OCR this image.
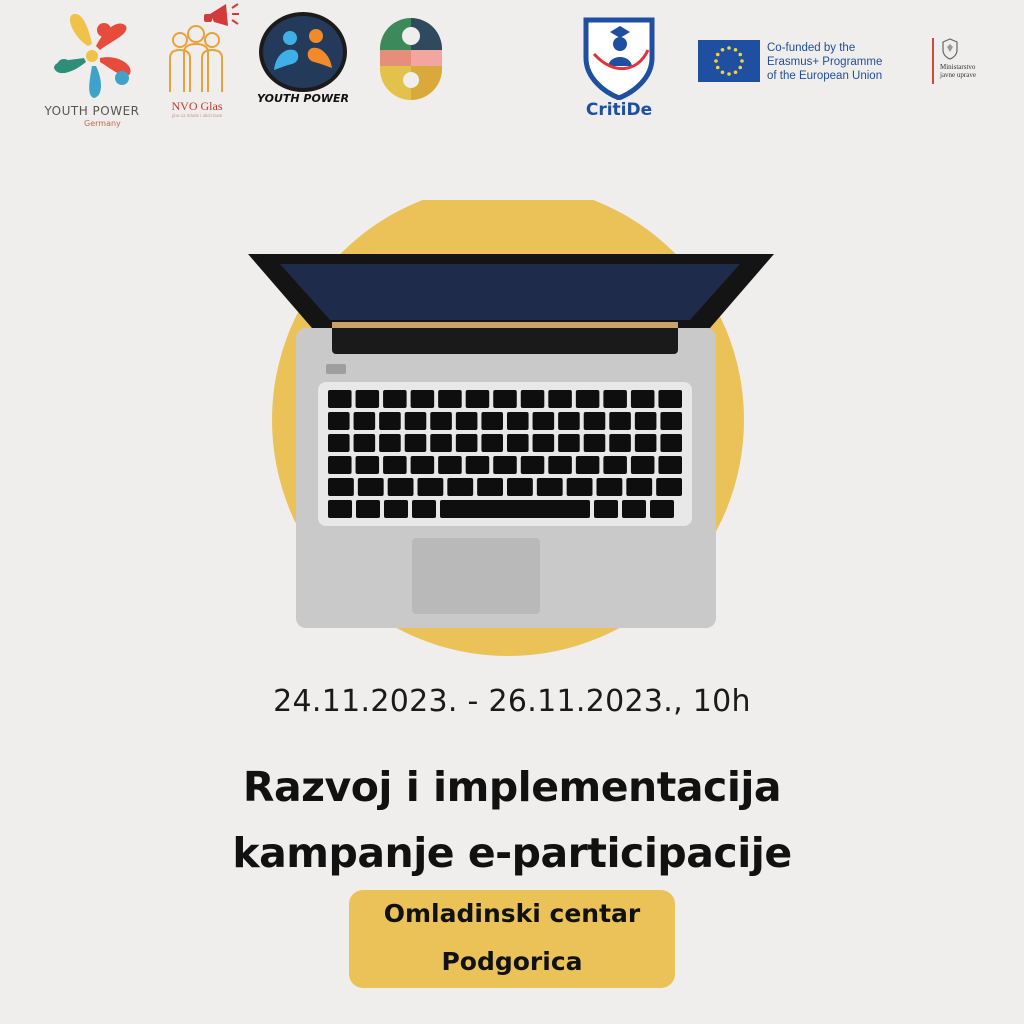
YOUTH POWER
Germany
NVO Glas
glas za mlade i aktivizam
YOUTH POWER
CritiDe
Co-funded by the
Erasmus+ Programme
of the European Union
Ministarstvo
javne uprave
24.11.2023. - 26.11.2023., 10h
Razvoj i implementacija
kampanje e-participacije
Omladinski centar
Podgorica
